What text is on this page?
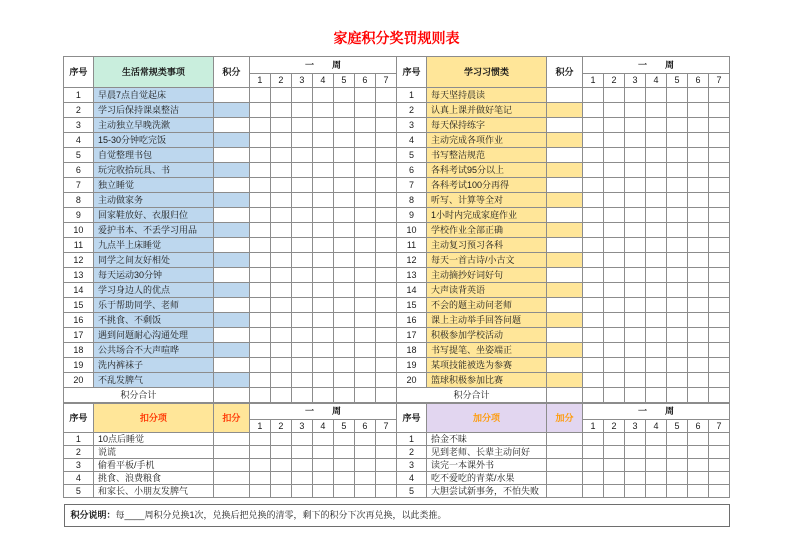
家庭积分奖罚规则表
序号	生活常规类事项	积分	一周							序号	学习习惯类	积分	一周						
			1	2	3	4	5	6	7				1	2	3	4	5	6	7
1	早晨7点自觉起床									1	每天坚持晨读								
2	学习后保持课桌整洁									2	认真上课并做好笔记								
3	主动独立早晚洗漱									3	每天保持练字								
4	15-30分钟吃完饭									4	主动完成各项作业								
5	自觉整理书包									5	书写整洁规范								
6	玩完收拾玩具、书									6	各科考试95分以上								
7	独立睡觉									7	各科考试100分再得								
8	主动做家务									8	听写、计算等全对								
9	回家鞋放好、衣服归位									9	1小时内完成家庭作业								
10	爱护书本、不丢学习用品									10	学校作业全部正确								
11	九点半上床睡觉									11	主动复习预习各科								
12	同学之间友好相处									12	每天一首古诗/小古文								
13	每天运动30分钟									13	主动摘抄好词好句								
14	学习身边人的优点									14	大声读背英语								
15	乐于帮助同学、老师									15	不会的题主动问老师								
16	不挑食、不剩饭									16	课上主动举手回答问题								
17	遇到问题耐心沟通处理									17	积极参加学校活动								
18	公共场合不大声喧哗									18	书写提笔、坐姿端正								
19	洗内裤袜子									19	某项技能被选为参赛								
20	不乱发脾气									20	篮球积极参加比赛								
积分合计										积分合计									
序号	扣分项	扣分	一周							序号	加分项	加分	一周						
			1	2	3	4	5	6	7				1	2	3	4	5	6	7
1	10点后睡觉									1	拾金不昧								
2	说谎									2	见到老师、长辈主动问好								
3	偷看平板/手机									3	读完一本课外书								
4	挑食、浪费粮食									4	吃不爱吃的青菜/水果								
5	和家长、小朋友发脾气									5	大胆尝试新事务，不怕失败								
积分说明：每____周积分兑换1次，兑换后把兑换的清零，剩下的积分下次再兑换，以此类推。
